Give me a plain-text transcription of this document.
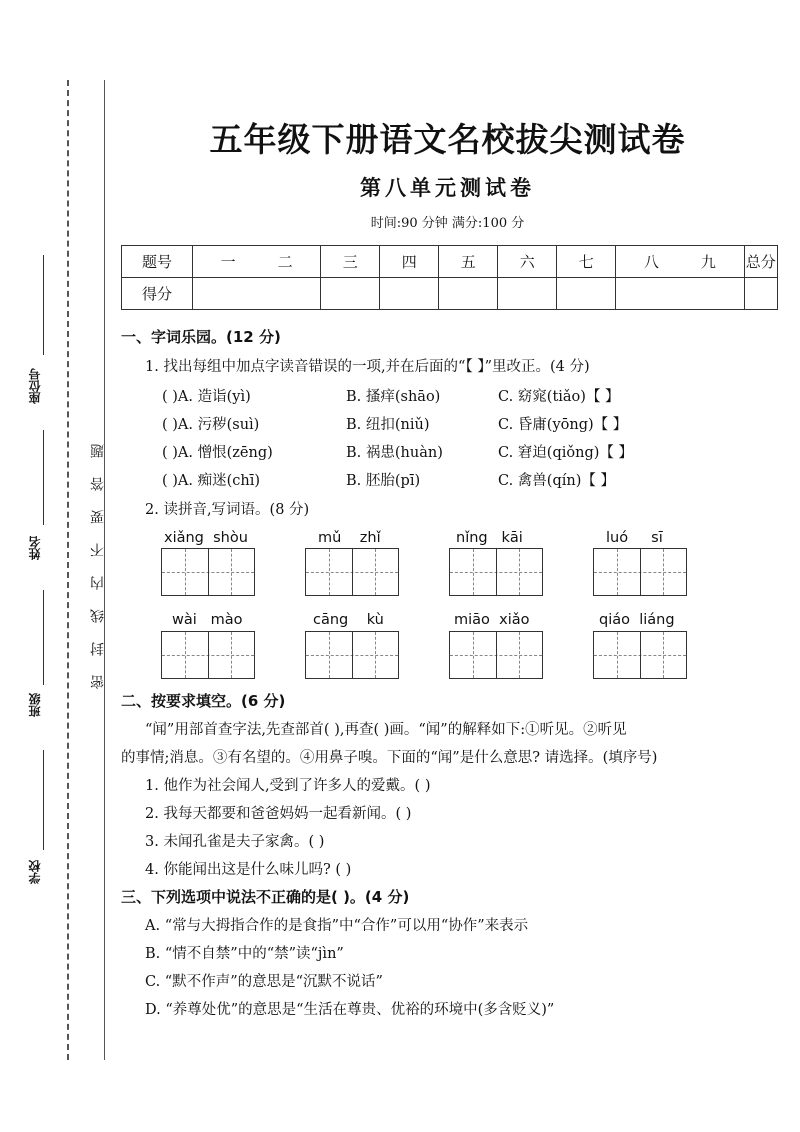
座位号
姓名
班级
学校
密封线内不要答题
五年级下册语文名校拔尖测试卷
第八单元测试卷
时间:90 分钟 满分:100 分
题号	一 二	三	四	五	六	七	八 九	总分
得分								
一、字词乐园。(12 分)
1. 找出每组中加点字读音错误的一项,并在后面的“【 】”里改正。(4 分)
( )A. 造诣(yì)	B. 搔痒(shāo)	C. 窈窕(tiǎo)【 】
( )A. 污秽(suì)	B. 纽扣(niǔ)	C. 昏庸(yōng)【 】
( )A. 憎恨(zēng)	B. 祸患(huàn)	C. 窘迫(qiǒng)【 】
( )A. 痴迷(chī)	B. 胚胎(pī)	C. 禽兽(qín)【 】
2. 读拼音,写词语。(8 分)
xiǎng shòu	mǔ zhǐ	nǐng kāi	luó sī
wài mào	cāng kù	miāo xiǎo	qiáo liáng
二、按要求填空。(6 分)
“闻”用部首查字法,先查部首( ),再查( )画。“闻”的解释如下:①听见。②听见
的事情;消息。③有名望的。④用鼻子嗅。下面的“闻”是什么意思? 请选择。(填序号)
1. 他作为社会闻人,受到了许多人的爱戴。( )
2. 我每天都要和爸爸妈妈一起看新闻。( )
3. 未闻孔雀是夫子家禽。( )
4. 你能闻出这是什么味儿吗? ( )
三、下列选项中说法不正确的是( )。(4 分)
A. “常与大拇指合作的是食指”中“合作”可以用“协作”来表示
B. “情不自禁”中的“禁”读“jìn”
C. “默不作声”的意思是“沉默不说话”
D. “养尊处优”的意思是“生活在尊贵、优裕的环境中(多含贬义)”
